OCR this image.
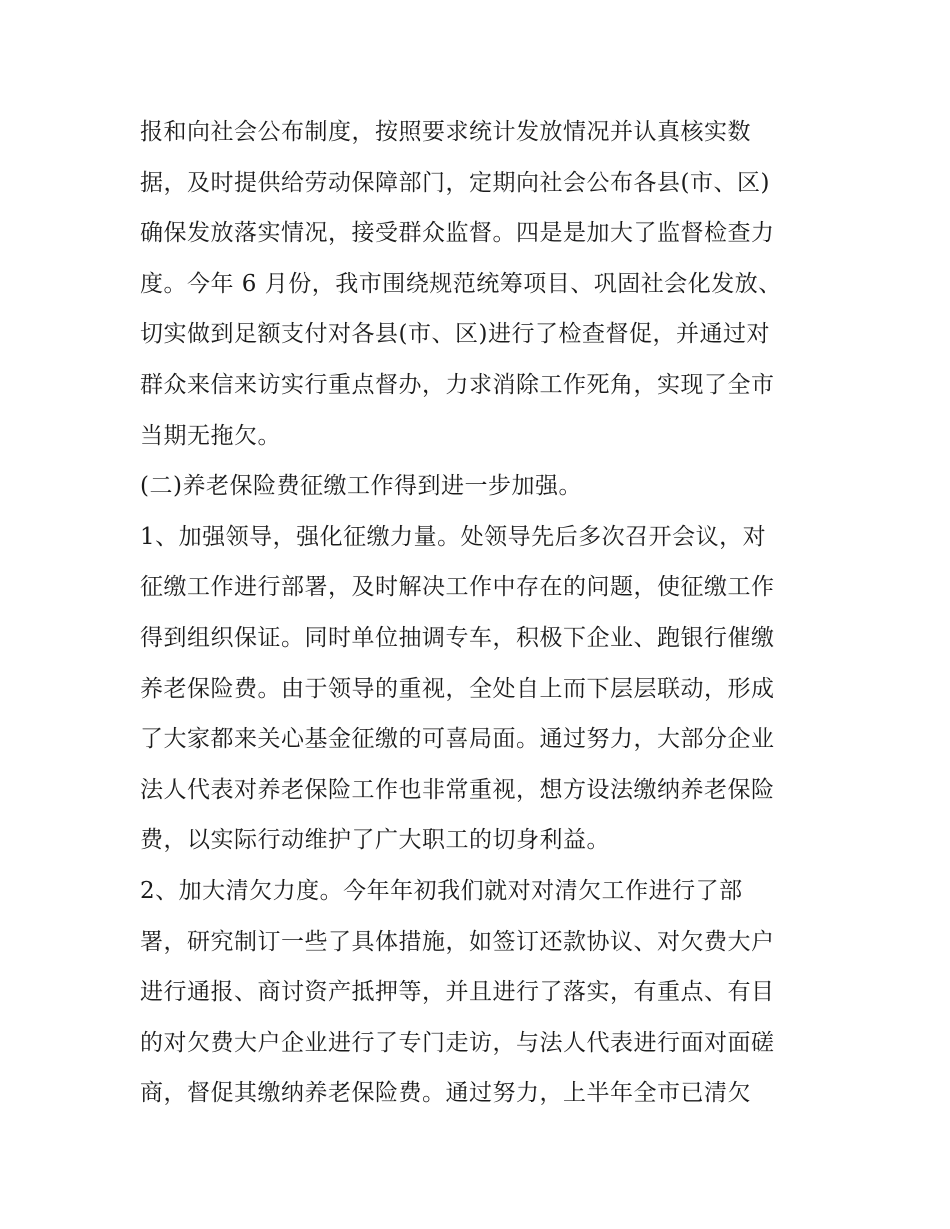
报和向社会公布制度，按照要求统计发放情况并认真核实数
据，及时提供给劳动保障部门，定期向社会公布各县(市、区)
确保发放落实情况，接受群众监督。四是是加大了监督检查力
度。今年 6 月份，我市围绕规范统筹项目、巩固社会化发放、
切实做到足额支付对各县(市、区)进行了检查督促，并通过对
群众来信来访实行重点督办，力求消除工作死角，实现了全市
当期无拖欠。
(二)养老保险费征缴工作得到进一步加强。
1、加强领导，强化征缴力量。处领导先后多次召开会议，对
征缴工作进行部署，及时解决工作中存在的问题，使征缴工作
得到组织保证。同时单位抽调专车，积极下企业、跑银行催缴
养老保险费。由于领导的重视，全处自上而下层层联动，形成
了大家都来关心基金征缴的可喜局面。通过努力，大部分企业
法人代表对养老保险工作也非常重视，想方设法缴纳养老保险
费，以实际行动维护了广大职工的切身利益。
2、加大清欠力度。今年年初我们就对对清欠工作进行了部
署，研究制订一些了具体措施，如签订还款协议、对欠费大户
进行通报、商讨资产抵押等，并且进行了落实，有重点、有目
的对欠费大户企业进行了专门走访，与法人代表进行面对面磋
商，督促其缴纳养老保险费。通过努力，上半年全市已清欠
